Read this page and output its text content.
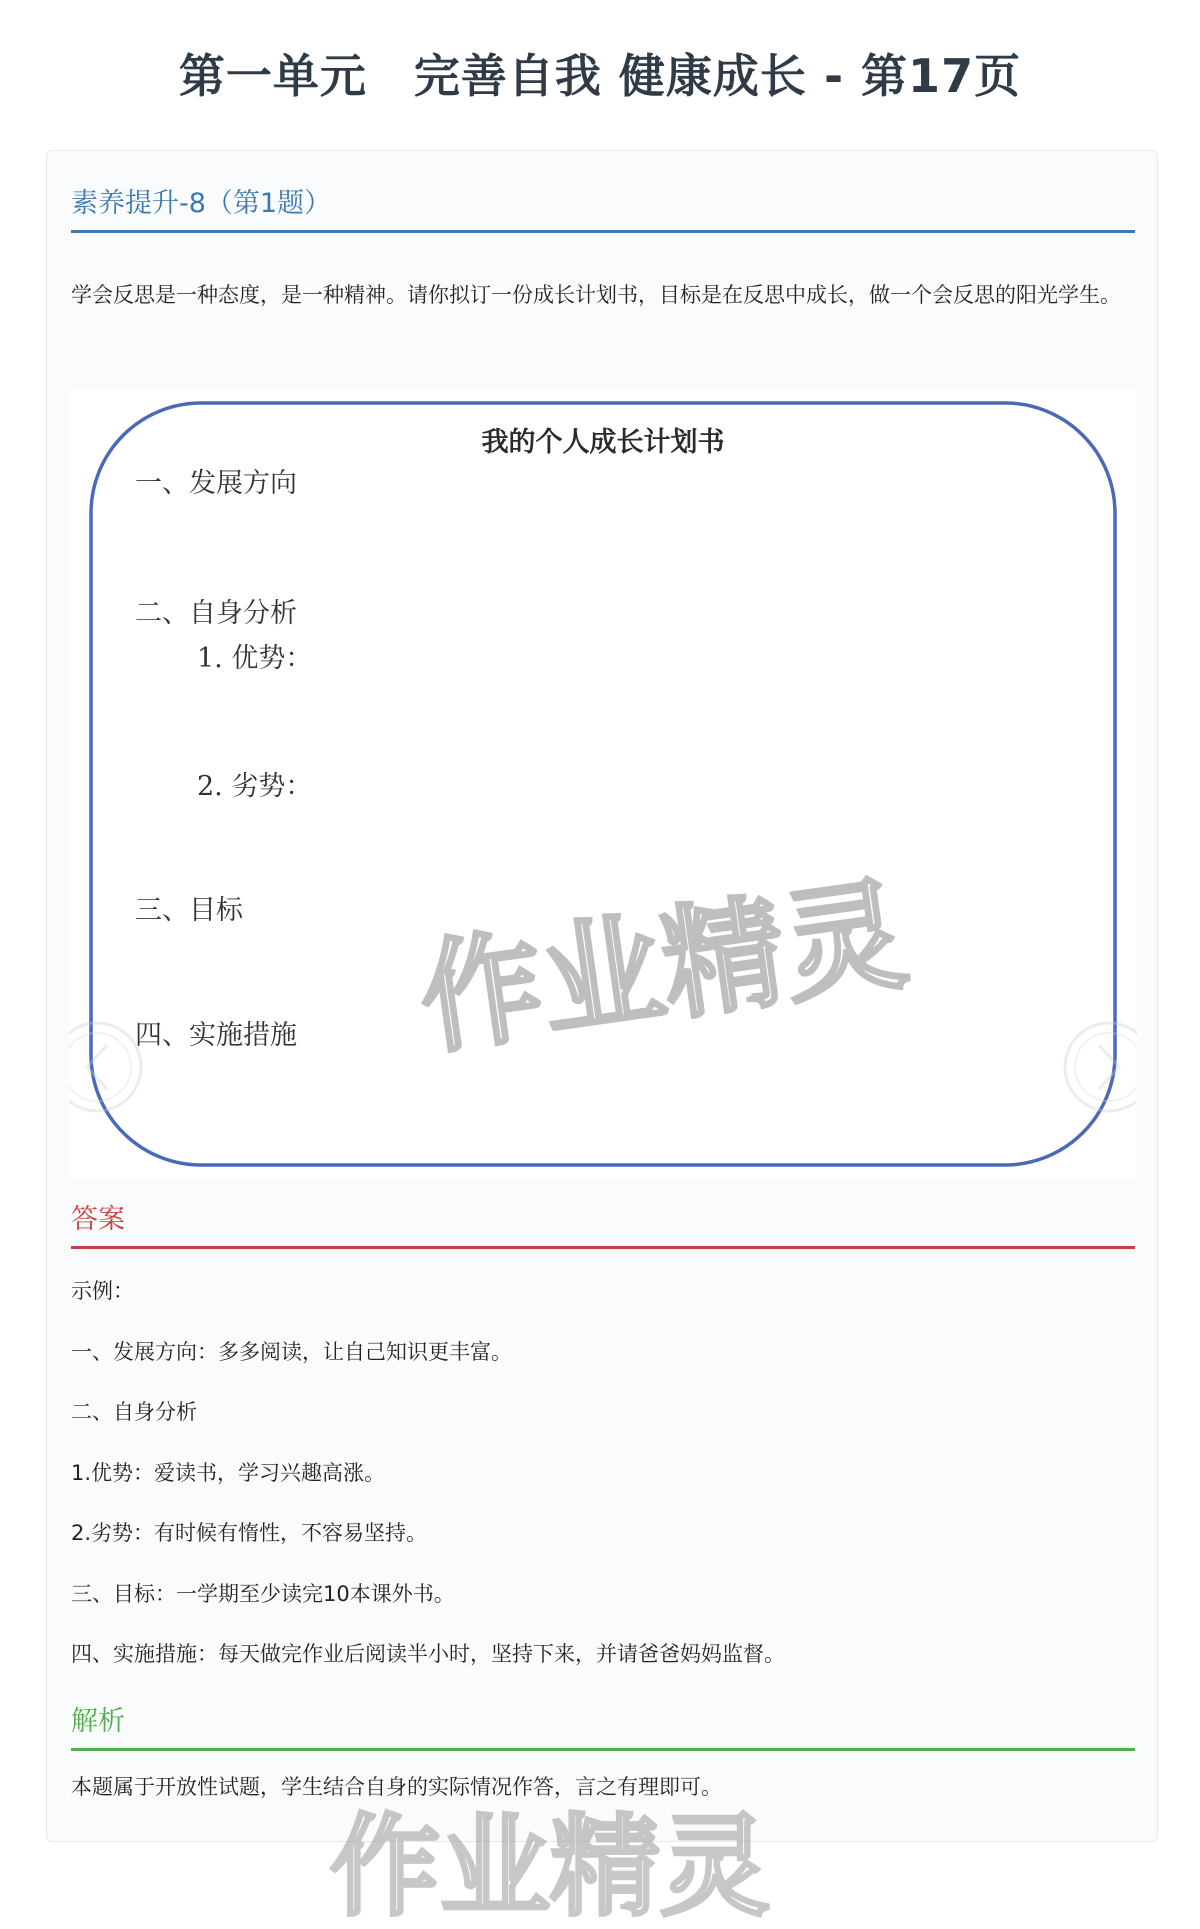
第一单元　完善自我 健康成长 - 第17页
素养提升-8（第1题）
学会反思是一种态度，是一种精神。请你拟订一份成长计划书，目标是在反思中成长，做一个会反思的阳光学生。
我的个人成长计划书
一、发展方向
二、自身分析
1. 优势：
2. 劣势：
三、目标
四、实施措施 作业精灵
答案
示例：
一、发展方向：多多阅读，让自己知识更丰富。
二、自身分析
1.优势：爱读书，学习兴趣高涨。
2.劣势：有时候有惰性，不容易坚持。
三、目标：一学期至少读完10本课外书。
四、实施措施：每天做完作业后阅读半小时，坚持下来，并请爸爸妈妈监督。
解析
本题属于开放性试题，学生结合自身的实际情况作答，言之有理即可。
作业精灵
